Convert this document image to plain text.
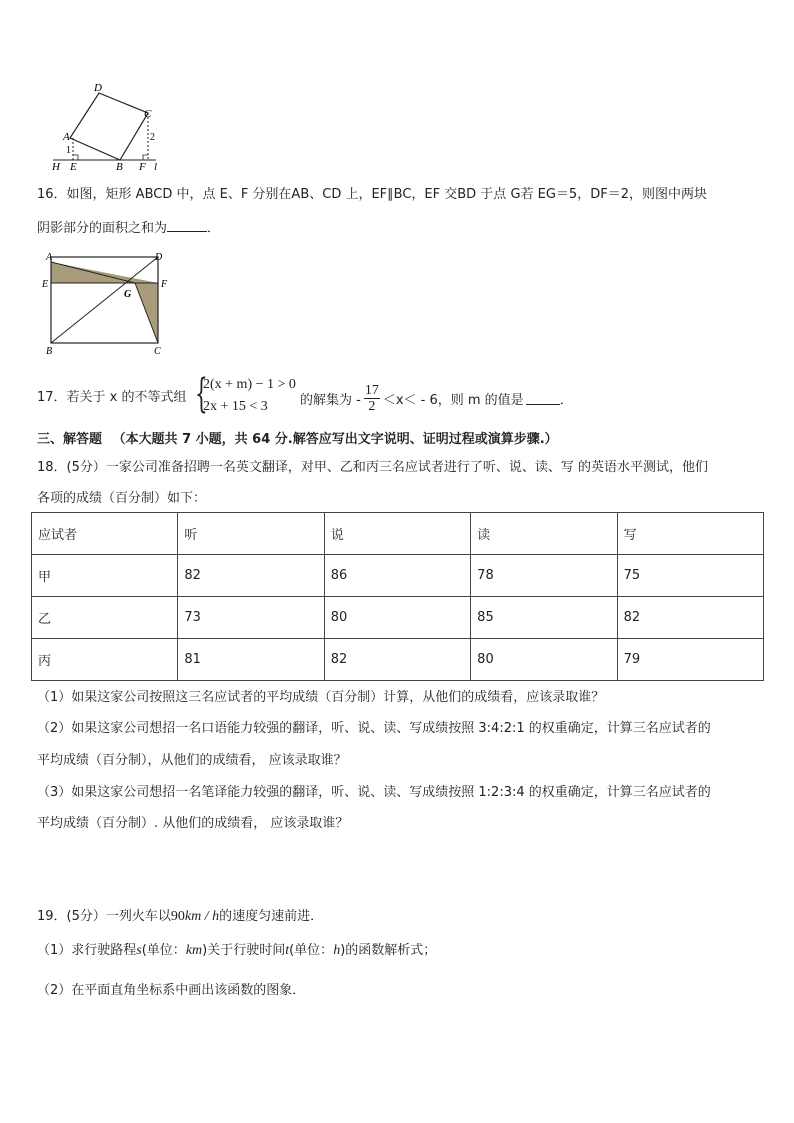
D
C
A	2
1
H E	B F l
16．如图，矩形 ABCD 中，点 E、F 分别在AB、CD 上，EF∥BC，EF 交BD 于点 G若 EG＝5，DF＝2，则图中两块
阴影部分的面积之和为	．
A	D
E	F
G
B	C
17．若关于 x 的不等式组 {
2(x + m) − 1 > 0
2x + 15 < 3 的解集为 - $\frac{17}{2} <x< - 6$，则 m 的值是	．
三、解答题 （本大题共 7 小题，共 64 分.解答应写出文字说明、证明过程或演算步骤.）
18．(5分）一家公司准备招聘一名英文翻译，对甲、乙和丙三名应试者进行了听、说、读、写 的英语水平测试，他们
各项的成绩（百分制）如下：
应试者	听	说	读	写
甲	82	86	78	75
乙	73	80	85	82
丙	81	82	80	79
（1）如果这家公司按照这三名应试者的平均成绩（百分制）计算，从他们的成绩看，应该录取谁？
（2）如果这家公司想招一名口语能力较强的翻译，听、说、读、写成绩按照 3:4:2:1 的权重确定，计算三名应试者的
平均成绩（百分制），从他们的成绩看， 应该录取谁？
（3）如果这家公司想招一名笔译能力较强的翻译，听、说、读、写成绩按照 1:2:3:4 的权重确定，计算三名应试者的
平均成绩（百分制）. 从他们的成绩看， 应该录取谁？
19．(5分）一列火车以90km / h的速度匀速前进．
（1）求行驶路程s(单位：km)关于行驶时间t(单位：h)的函数解析式；
（2）在平面直角坐标系中画出该函数的图象．
